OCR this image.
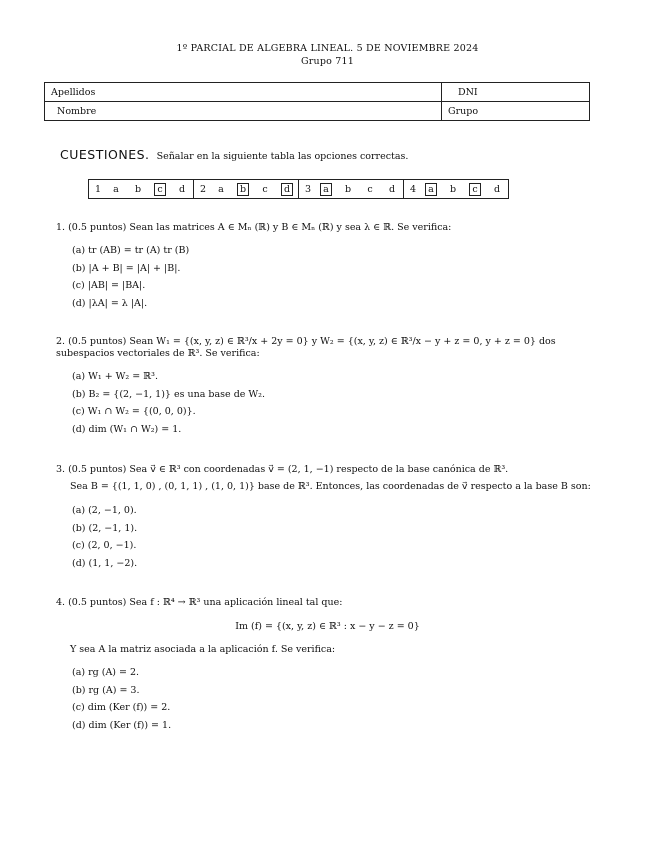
1º PARCIAL DE ALGEBRA LINEAL. 5 DE NOVIEMBRE 2024
Grupo 711
Apellidos	DNI
Nombre	Grupo
CUESTIONES. Señalar en la siguiente tabla las opciones correctas.
1	a	b	c	d	2	a	b	c	d	3	a	b	c	d	4	a	b	c	d
1. (0.5 puntos) Sean las matrices A ∈ Mₙ (ℝ) y B ∈ Mₙ (ℝ) y sea λ ∈ ℝ. Se verifica:
(a) tr (AB) = tr (A) tr (B)
(b) |A + B| = |A| + |B|.
(c) |AB| = |BA|.
(d) |λA| = λ |A|.
2. (0.5 puntos) Sean W₁ = {(x, y, z) ∈ ℝ³/x + 2y = 0} y W₂ = {(x, y, z) ∈ ℝ³/x − y + z = 0, y + z = 0} dos subespacios vectoriales de ℝ³. Se verifica:
(a) W₁ + W₂ = ℝ³.
(b) B₂ = {(2, −1, 1)} es una base de W₂.
(c) W₁ ∩ W₂ = {(0, 0, 0)}.
(d) dim (W₁ ∩ W₂) = 1.
3. (0.5 puntos) Sea v⃗ ∈ ℝ³ con coordenadas v⃗ = (2, 1, −1) respecto de la base canónica de ℝ³.
Sea B = {(1, 1, 0) , (0, 1, 1) , (1, 0, 1)} base de ℝ³. Entonces, las coordenadas de v⃗ respecto a la base B son:
(a) (2, −1, 0).
(b) (2, −1, 1).
(c) (2, 0, −1).
(d) (1, 1, −2).
4. (0.5 puntos) Sea f : ℝ⁴ → ℝ³ una aplicación lineal tal que:
Im (f) = {(x, y, z) ∈ ℝ³ : x − y − z = 0}
Y sea A la matriz asociada a la aplicación f. Se verifica:
(a) rg (A) = 2.
(b) rg (A) = 3.
(c) dim (Ker (f)) = 2.
(d) dim (Ker (f)) = 1.
